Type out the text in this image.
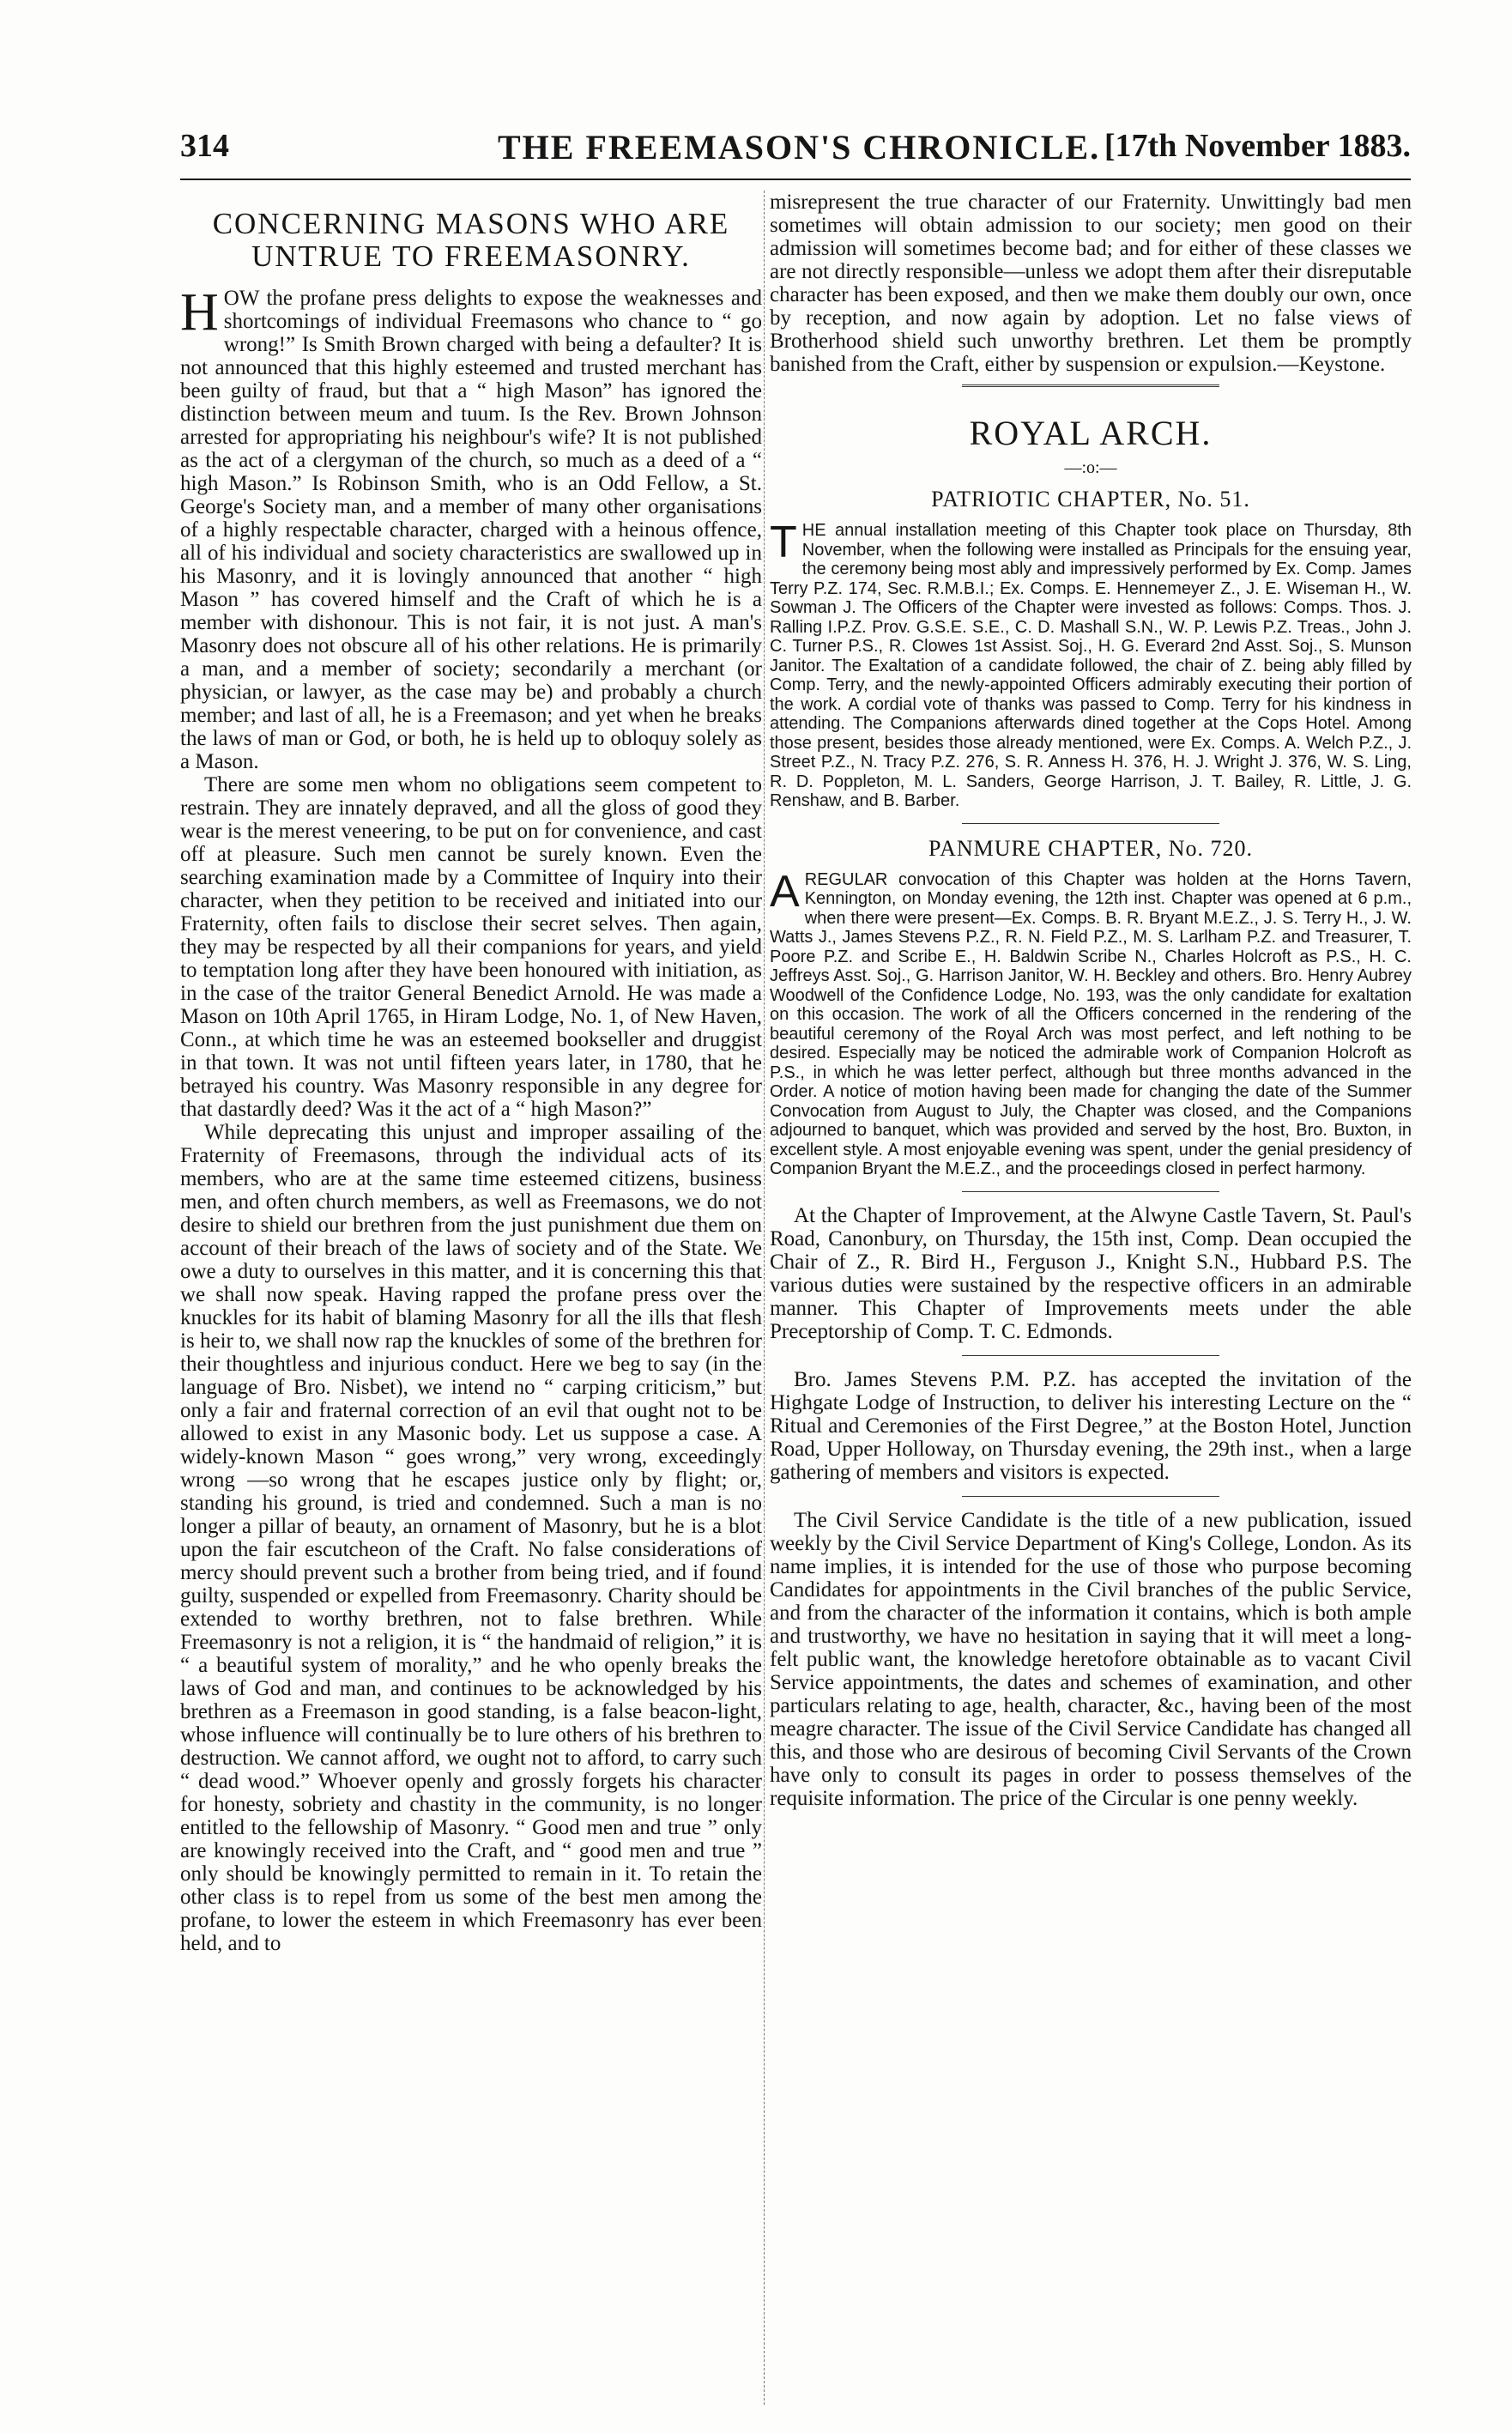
314	THE FREEMASON'S CHRONICLE. [17th November 1883.
CONCERNING MASONS WHO ARE UNTRUE TO FREEMASONRY.

HOW the profane press delights to expose the weaknesses and shortcomings of individual Freemasons who chance to “ go wrong!” Is Smith Brown charged with being a defaulter? It is not announced that this highly esteemed and trusted merchant has been guilty of fraud, but that a “ high Mason” has ignored the distinction between meum and tuum. Is the Rev. Brown Johnson arrested for appropriating his neighbour's wife? It is not published as the act of a clergyman of the church, so much as a deed of a “ high Mason.” Is Robinson Smith, who is an Odd Fellow, a St. George's Society man, and a member of many other organisations of a highly respectable character, charged with a heinous offence, all of his individual and society characteristics are swallowed up in his Masonry, and it is lovingly announced that another “ high Mason ” has covered himself and the Craft of which he is a member with dishonour. This is not fair, it is not just. A man's Masonry does not obscure all of his other relations. He is primarily a man, and a member of society; secondarily a merchant (or physician, or lawyer, as the case may be) and probably a church member; and last of all, he is a Freemason; and yet when he breaks the laws of man or God, or both, he is held up to obloquy solely as a Mason.

There are some men whom no obligations seem competent to restrain. They are innately depraved, and all the gloss of good they wear is the merest veneering, to be put on for convenience, and cast off at pleasure. Such men cannot be surely known. Even the searching examination made by a Committee of Inquiry into their character, when they petition to be received and initiated into our Fraternity, often fails to disclose their secret selves. Then again, they may be respected by all their companions for years, and yield to temptation long after they have been honoured with initiation, as in the case of the traitor General Benedict Arnold. He was made a Mason on 10th April 1765, in Hiram Lodge, No. 1, of New Haven, Conn., at which time he was an esteemed bookseller and druggist in that town. It was not until fifteen years later, in 1780, that he betrayed his country. Was Masonry responsible in any degree for that dastardly deed? Was it the act of a “ high Mason?”

While deprecating this unjust and improper assailing of the Fraternity of Freemasons, through the individual acts of its members, who are at the same time esteemed citizens, business men, and often church members, as well as Freemasons, we do not desire to shield our brethren from the just punishment due them on account of their breach of the laws of society and of the State. We owe a duty to ourselves in this matter, and it is concerning this that we shall now speak. Having rapped the profane press over the knuckles for its habit of blaming Masonry for all the ills that flesh is heir to, we shall now rap the knuckles of some of the brethren for their thoughtless and injurious conduct. Here we beg to say (in the language of Bro. Nisbet), we intend no “ carping criticism,” but only a fair and fraternal correction of an evil that ought not to be allowed to exist in any Masonic body. Let us suppose a case. A widely-known Mason “ goes wrong,” very wrong, exceedingly wrong —so wrong that he escapes justice only by flight; or, standing his ground, is tried and condemned. Such a man is no longer a pillar of beauty, an ornament of Masonry, but he is a blot upon the fair escutcheon of the Craft. No false considerations of mercy should prevent such a brother from being tried, and if found guilty, suspended or expelled from Freemasonry. Charity should be extended to worthy brethren, not to false brethren. While Freemasonry is not a religion, it is “ the handmaid of religion,” it is “ a beautiful system of morality,” and he who openly breaks the laws of God and man, and continues to be acknowledged by his brethren as a Freemason in good standing, is a false beacon-light, whose influence will continually be to lure others of his brethren to destruction. We cannot afford, we ought not to afford, to carry such “ dead wood.” Whoever openly and grossly forgets his character for honesty, sobriety and chastity in the community, is no longer entitled to the fellowship of Masonry. “ Good men and true ” only are knowingly received into the Craft, and “ good men and true ” only should be knowingly permitted to remain in it. To retain the other class is to repel from us some of the best men among the profane, to lower the esteem in which Freemasonry has ever been held, and to

misrepresent the true character of our Fraternity. Unwittingly bad men sometimes will obtain admission to our society; men good on their admission will sometimes become bad; and for either of these classes we are not directly responsible—unless we adopt them after their disreputable character has been exposed, and then we make them doubly our own, once by reception, and now again by adoption. Let no false views of Brotherhood shield such unworthy brethren. Let them be promptly banished from the Craft, either by suspension or expulsion.—Keystone.

ROYAL ARCH.
—:o:—
PATRIOTIC CHAPTER, No. 51.

THE annual installation meeting of this Chapter took place on Thursday, 8th November, when the following were installed as Principals for the ensuing year, the ceremony being most ably and impressively performed by Ex. Comp. James Terry P.Z. 174, Sec. R.M.B.I.; Ex. Comps. E. Hennemeyer Z., J. E. Wiseman H., W. Sowman J. The Officers of the Chapter were invested as follows: Comps. Thos. J. Ralling I.P.Z. Prov. G.S.E. S.E., C. D. Mashall S.N., W. P. Lewis P.Z. Treas., John J. C. Turner P.S., R. Clowes 1st Assist. Soj., H. G. Everard 2nd Asst. Soj., S. Munson Janitor. The Exaltation of a candidate followed, the chair of Z. being ably filled by Comp. Terry, and the newly-appointed Officers admirably executing their portion of the work. A cordial vote of thanks was passed to Comp. Terry for his kindness in attending. The Companions afterwards dined together at the Cops Hotel. Among those present, besides those already mentioned, were Ex. Comps. A. Welch P.Z., J. Street P.Z., N. Tracy P.Z. 276, S. R. Anness H. 376, H. J. Wright J. 376, W. S. Ling, R. D. Poppleton, M. L. Sanders, George Harrison, J. T. Bailey, R. Little, J. G. Renshaw, and B. Barber.

PANMURE CHAPTER, No. 720.

AREGULAR convocation of this Chapter was holden at the Horns Tavern, Kennington, on Monday evening, the 12th inst. Chapter was opened at 6 p.m., when there were present—Ex. Comps. B. R. Bryant M.E.Z., J. S. Terry H., J. W. Watts J., James Stevens P.Z., R. N. Field P.Z., M. S. Larlham P.Z. and Treasurer, T. Poore P.Z. and Scribe E., H. Baldwin Scribe N., Charles Holcroft as P.S., H. C. Jeffreys Asst. Soj., G. Harrison Janitor, W. H. Beckley and others. Bro. Henry Aubrey Woodwell of the Confidence Lodge, No. 193, was the only candidate for exaltation on this occasion. The work of all the Officers concerned in the rendering of the beautiful ceremony of the Royal Arch was most perfect, and left nothing to be desired. Especially may be noticed the admirable work of Companion Holcroft as P.S., in which he was letter perfect, although but three months advanced in the Order. A notice of motion having been made for changing the date of the Summer Convocation from August to July, the Chapter was closed, and the Companions adjourned to banquet, which was provided and served by the host, Bro. Buxton, in excellent style. A most enjoyable evening was spent, under the genial presidency of Companion Bryant the M.E.Z., and the proceedings closed in perfect harmony.

At the Chapter of Improvement, at the Alwyne Castle Tavern, St. Paul's Road, Canonbury, on Thursday, the 15th inst, Comp. Dean occupied the Chair of Z., R. Bird H., Ferguson J., Knight S.N., Hubbard P.S. The various duties were sustained by the respective officers in an admirable manner. This Chapter of Improvements meets under the able Preceptorship of Comp. T. C. Edmonds.

Bro. James Stevens P.M. P.Z. has accepted the invitation of the Highgate Lodge of Instruction, to deliver his interesting Lecture on the “ Ritual and Ceremonies of the First Degree,” at the Boston Hotel, Junction Road, Upper Holloway, on Thursday evening, the 29th inst., when a large gathering of members and visitors is expected.

The Civil Service Candidate is the title of a new publication, issued weekly by the Civil Service Department of King's College, London. As its name implies, it is intended for the use of those who purpose becoming Candidates for appointments in the Civil branches of the public Service, and from the character of the information it contains, which is both ample and trustworthy, we have no hesitation in saying that it will meet a long-felt public want, the knowledge heretofore obtainable as to vacant Civil Service appointments, the dates and schemes of examination, and other particulars relating to age, health, character, &c., having been of the most meagre character. The issue of the Civil Service Candidate has changed all this, and those who are desirous of becoming Civil Servants of the Crown have only to consult its pages in order to possess themselves of the requisite information. The price of the Circular is one penny weekly.
